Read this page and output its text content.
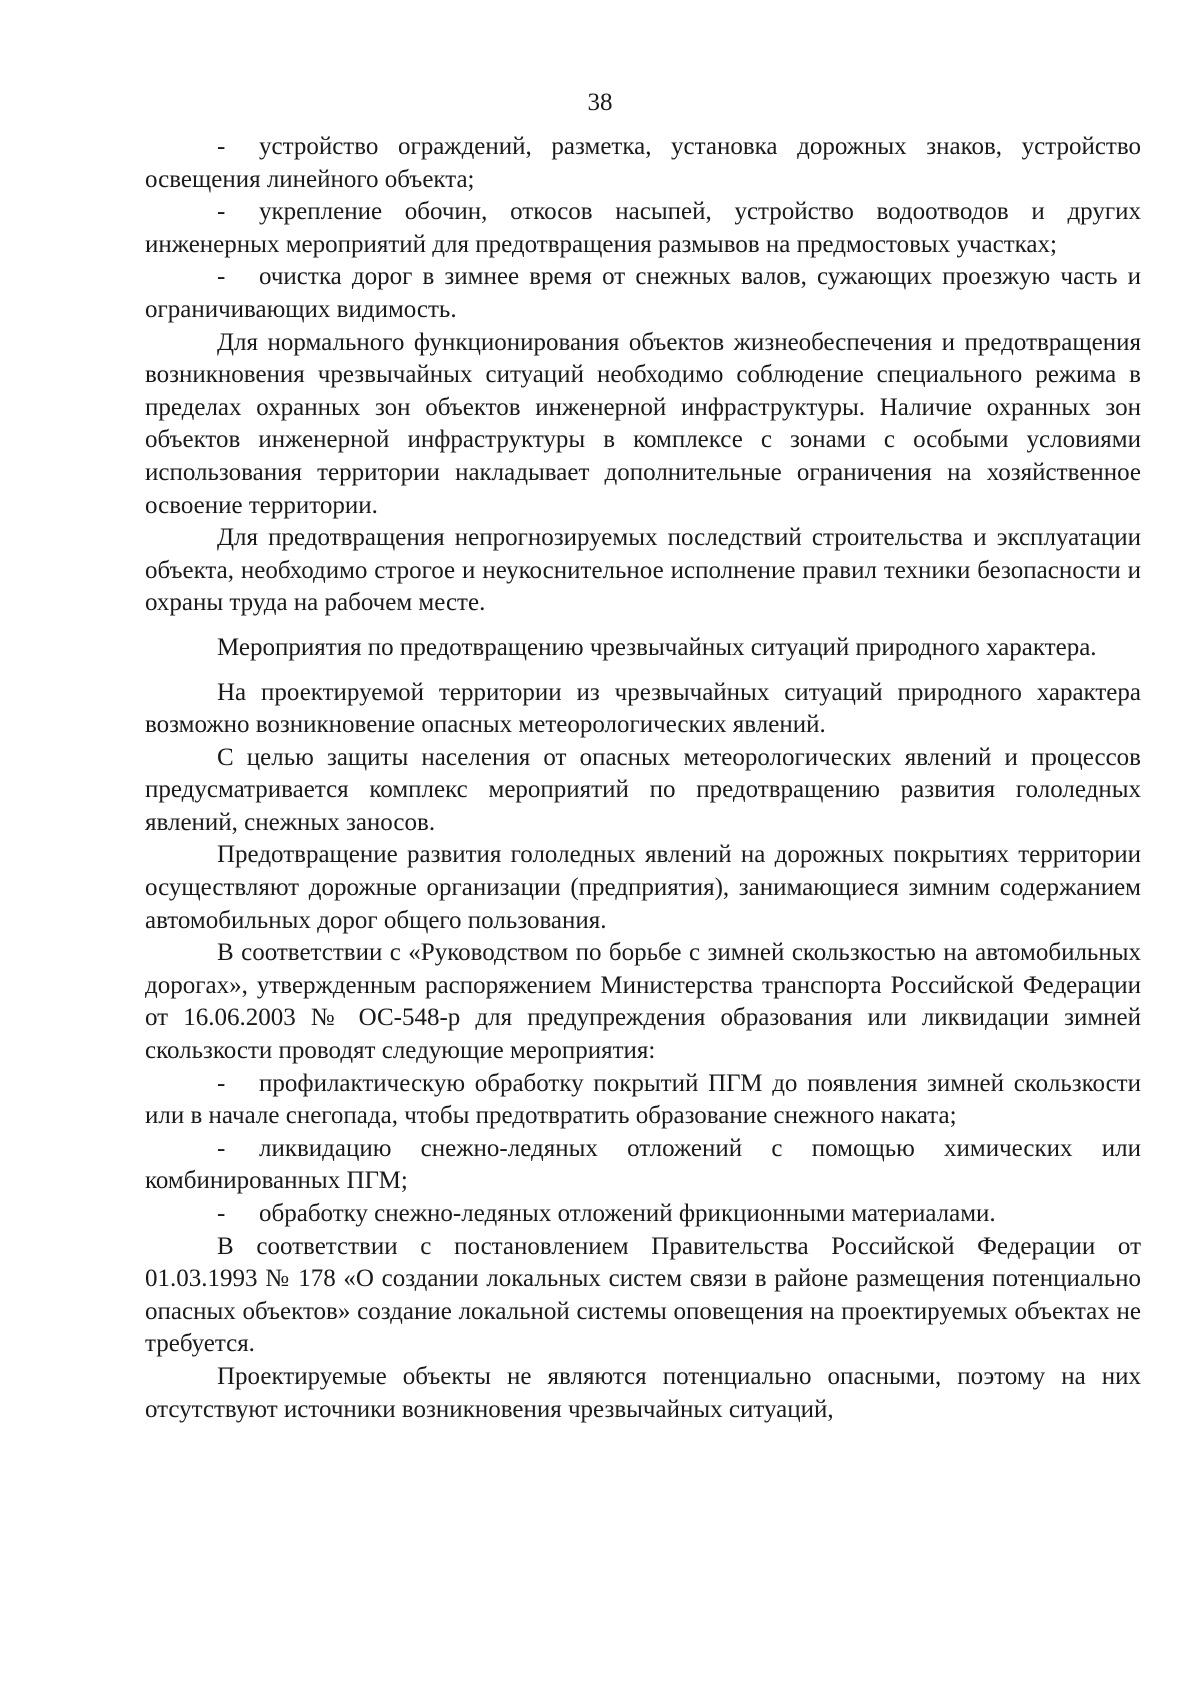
38

- устройство ограждений, разметка, установка дорожных знаков, устройство освещения линейного объекта;

- укрепление обочин, откосов насыпей, устройство водоотводов и других инженерных мероприятий для предотвращения размывов на предмостовых участках;

- очистка дорог в зимнее время от снежных валов, сужающих проезжую часть и ограничивающих видимость.

Для нормального функционирования объектов жизнеобеспечения и предотвращения возникновения чрезвычайных ситуаций необходимо соблюдение специального режима в пределах охранных зон объектов инженерной инфраструктуры. Наличие охранных зон объектов инженерной инфраструктуры в комплексе с зонами с особыми условиями использования территории накладывает дополнительные ограничения на хозяйственное освоение территории.

Для предотвращения непрогнозируемых последствий строительства и эксплуатации объекта, необходимо строгое и неукоснительное исполнение правил техники безопасности и охраны труда на рабочем месте.

Мероприятия по предотвращению чрезвычайных ситуаций природного характера.

На проектируемой территории из чрезвычайных ситуаций природного характера возможно возникновение опасных метеорологических явлений.

С целью защиты населения от опасных метеорологических явлений и процессов предусматривается комплекс мероприятий по предотвращению развития гололедных явлений, снежных заносов.

Предотвращение развития гололедных явлений на дорожных покрытиях территории осуществляют дорожные организации (предприятия), занимающиеся зимним содержанием автомобильных дорог общего пользования.

В соответствии с «Руководством по борьбе с зимней скользкостью на автомобильных дорогах», утвержденным распоряжением Министерства транспорта Российской Федерации от 16.06.2003 № ОС-548-р для предупреждения образования или ликвидации зимней скользкости проводят следующие мероприятия:

- профилактическую обработку покрытий ПГМ до появления зимней скользкости или в начале снегопада, чтобы предотвратить образование снежного наката;

- ликвидацию снежно-ледяных отложений с помощью химических или комбинированных ПГМ;

- обработку снежно-ледяных отложений фрикционными материалами.

В соответствии с постановлением Правительства Российской Федерации от 01.03.1993 № 178 «О создании локальных систем связи в районе размещения потенциально опасных объектов» создание локальной системы оповещения на проектируемых объектах не требуется.

Проектируемые объекты не являются потенциально опасными, поэтому на них отсутствуют источники возникновения чрезвычайных ситуаций,
